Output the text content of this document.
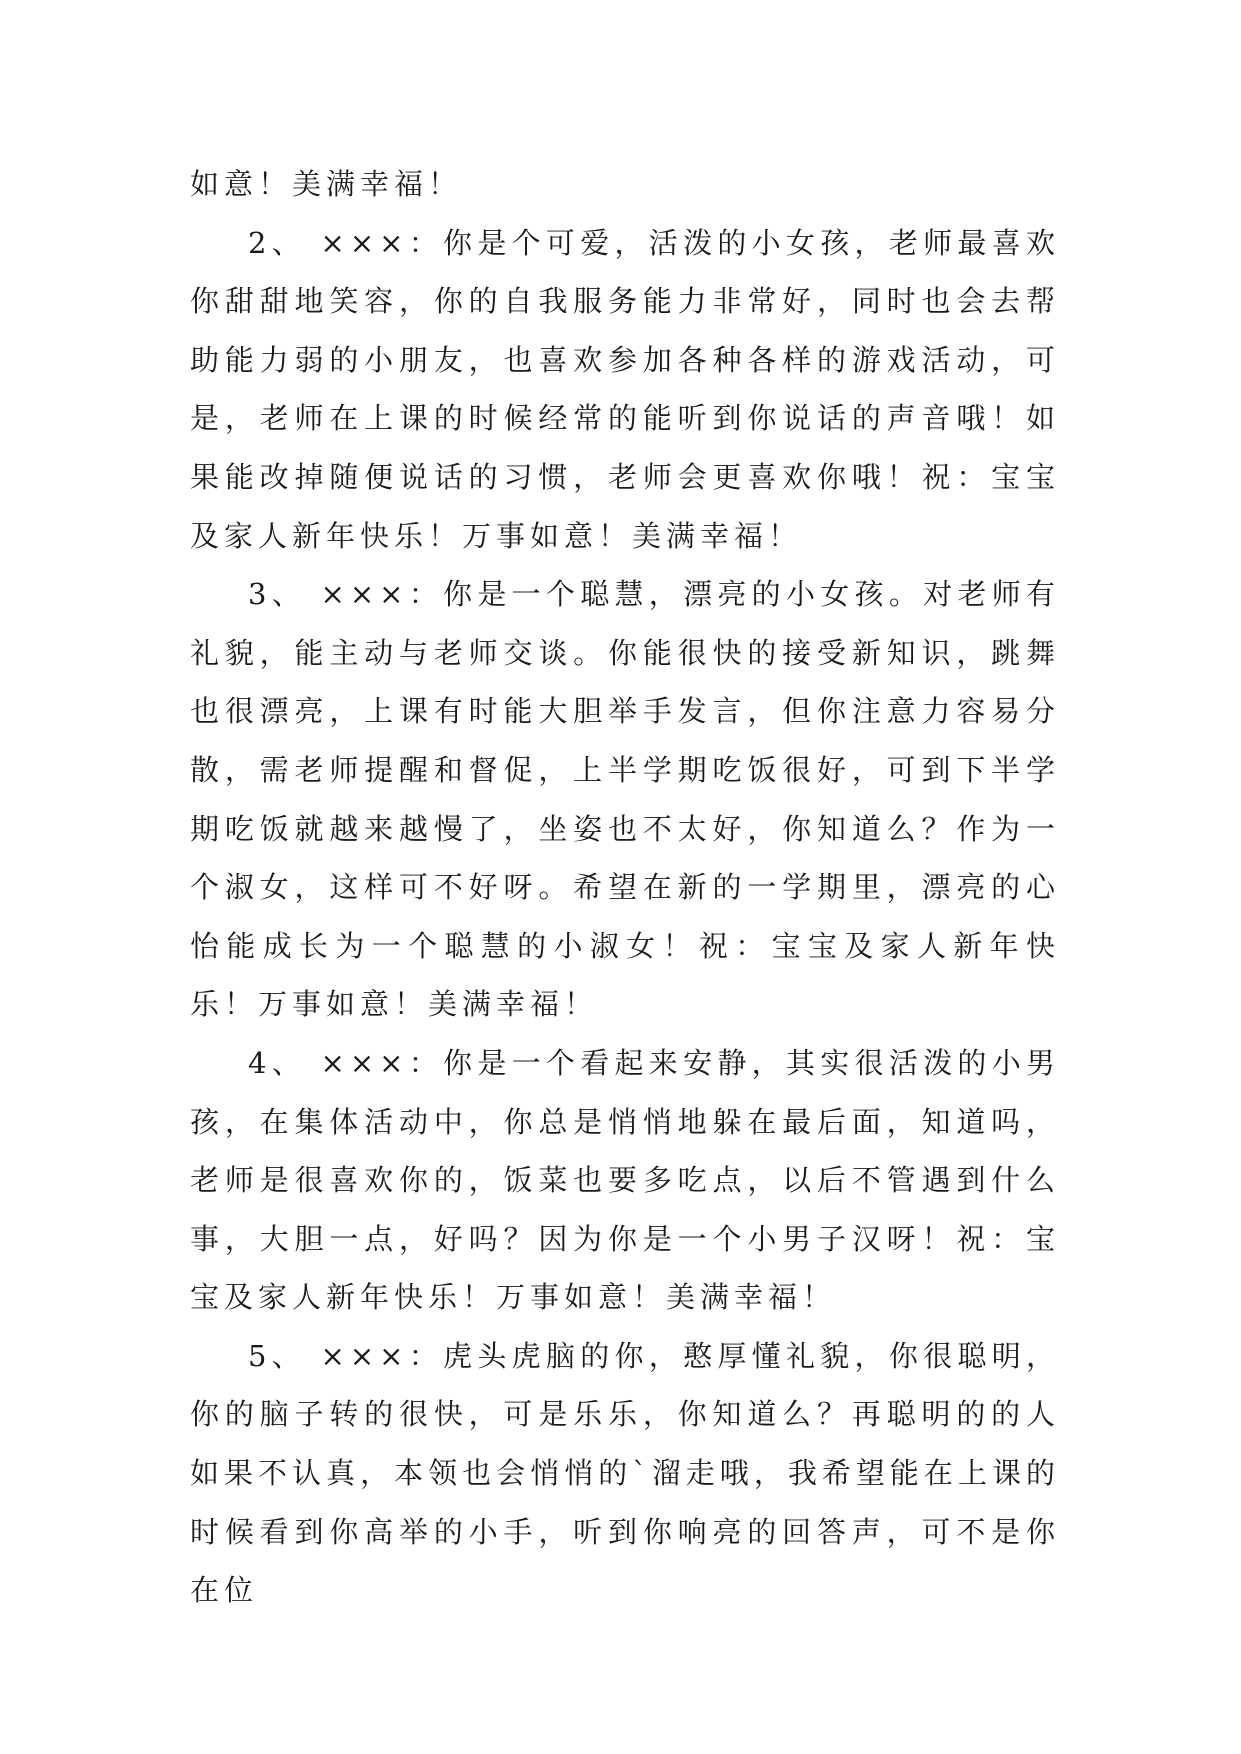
如意！美满幸福！

2、 ×××：你是个可爱，活泼的小女孩，老师最喜欢你甜甜地笑容，你的自我服务能力非常好，同时也会去帮助能力弱的小朋友，也喜欢参加各种各样的游戏活动，可是，老师在上课的时候经常的能听到你说话的声音哦！如果能改掉随便说话的习惯，老师会更喜欢你哦！祝：宝宝及家人新年快乐！万事如意！美满幸福！

3、 ×××：你是一个聪慧，漂亮的小女孩。对老师有礼貌，能主动与老师交谈。你能很快的接受新知识，跳舞也很漂亮，上课有时能大胆举手发言，但你注意力容易分散，需老师提醒和督促，上半学期吃饭很好，可到下半学期吃饭就越来越慢了，坐姿也不太好，你知道么？作为一个淑女，这样可不好呀。希望在新的一学期里，漂亮的心怡能成长为一个聪慧的小淑女！祝：宝宝及家人新年快乐！万事如意！美满幸福！

4、 ×××：你是一个看起来安静，其实很活泼的小男孩，在集体活动中，你总是悄悄地躲在最后面，知道吗，老师是很喜欢你的，饭菜也要多吃点，以后不管遇到什么事，大胆一点，好吗？因为你是一个小男子汉呀！祝：宝宝及家人新年快乐！万事如意！美满幸福！

5、 ×××：虎头虎脑的你，憨厚懂礼貌，你很聪明，你的脑子转的很快，可是乐乐，你知道么？再聪明的的人如果不认真，本领也会悄悄的`溜走哦，我希望能在上课的时候看到你高举的小手，听到你响亮的回答声，可不是你在位
